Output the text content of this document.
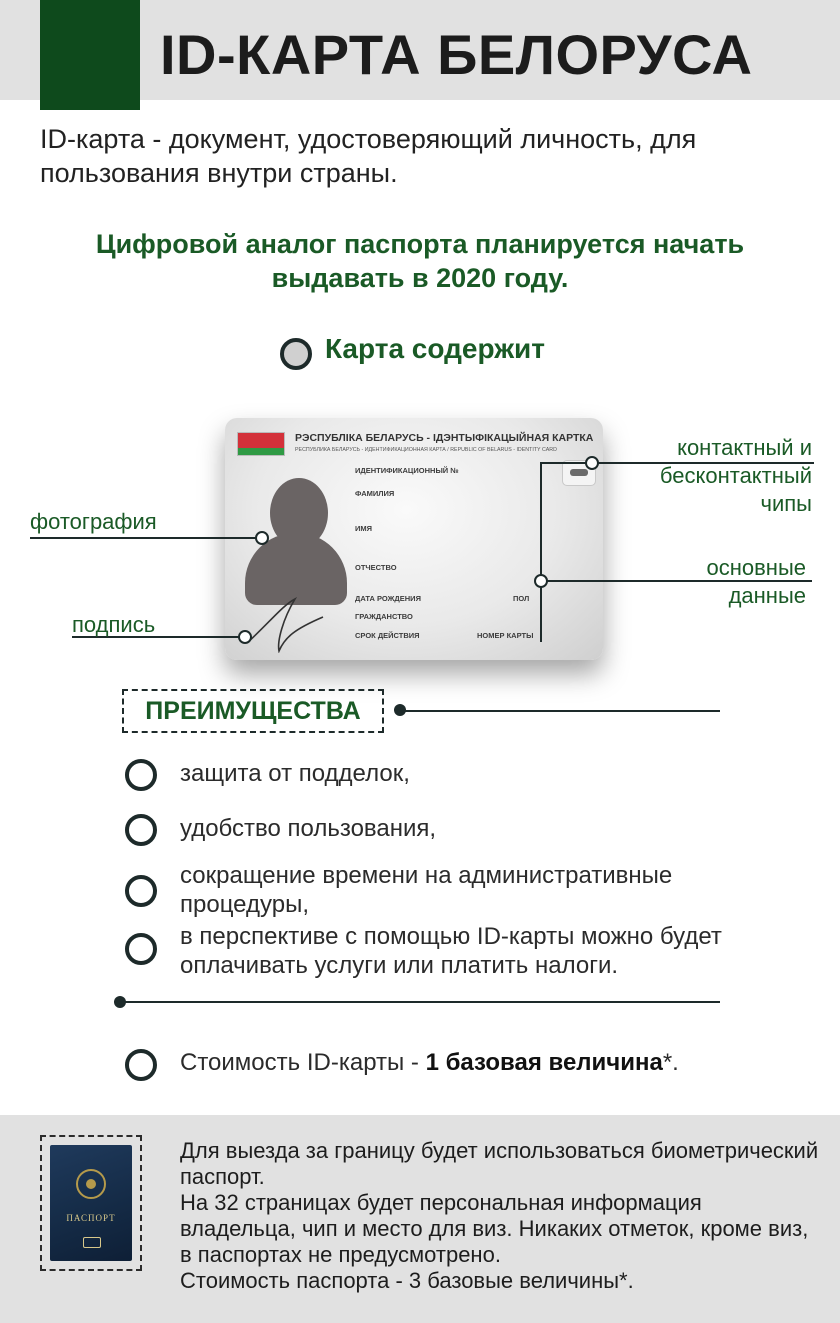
ID-КАРТА БЕЛОРУСА
ID-карта - документ, удостоверяющий личность, для пользования внутри страны.
Цифровой аналог паспорта планируется начать выдавать в 2020 году.
Карта содержит
РЭСПУБЛІКА БЕЛАРУСЬ - ІДЭНТЫФІКАЦЫЙНАЯ КАРТКА
РЕСПУБЛИКА БЕЛАРУСЬ - ИДЕНТИФИКАЦИОННАЯ КАРТА / REPUBLIC OF BELARUS - IDENTITY CARD
ИДЕНТИФИКАЦИОННЫЙ №
ФАМИЛИЯ
ИМЯ
ОТЧЕСТВО
ДАТА РОЖДЕНИЯ	ПОЛ
ГРАЖДАНСТВО
СРОК ДЕЙСТВИЯ	НОМЕР КАРТЫ
фотография
подпись
контактный и
бесконтактный
чипы
основные
данные
ПРЕИМУЩЕСТВА
защита от подделок,
удобство пользования,
сокращение времени на административные процедуры,
в перспективе с помощью ID-карты можно будет оплачивать услуги или платить налоги.
Стоимость ID-карты - 1 базовая величина*.
ПАСПОРТ
Для выезда за границу будет использоваться биометрический паспорт.
На 32 страницах будет персональная информация владельца, чип и место для виз. Никаких отметок, кроме виз, в паспортах не предусмотрено.
Стоимость паспорта - 3 базовые величины*.
